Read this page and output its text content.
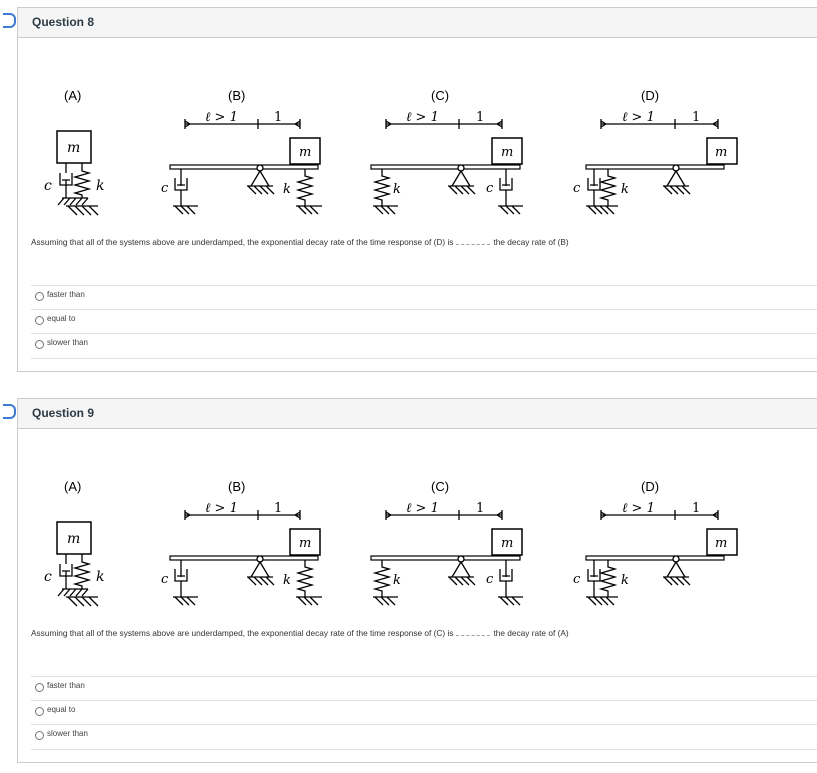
Question 8
(A)
m
c	k
(B)
ℓ > 1	1
m
c	k
(C)
ℓ > 1	1
m
k	c
(D)
ℓ > 1	1
m
c	k
Assuming that all of the systems above are underdamped, the exponential decay rate of the time response of (D) is	the decay rate of (B)
faster than
equal to
slower than
Question 9
(A)
m
c	k
(B)
ℓ > 1	1
m
c	k
(C)
ℓ > 1	1
m
k	c
(D)
ℓ > 1	1
m
c	k
Assuming that all of the systems above are underdamped, the exponential decay rate of the time response of (C) is	the decay rate of (A)
faster than
equal to
slower than
